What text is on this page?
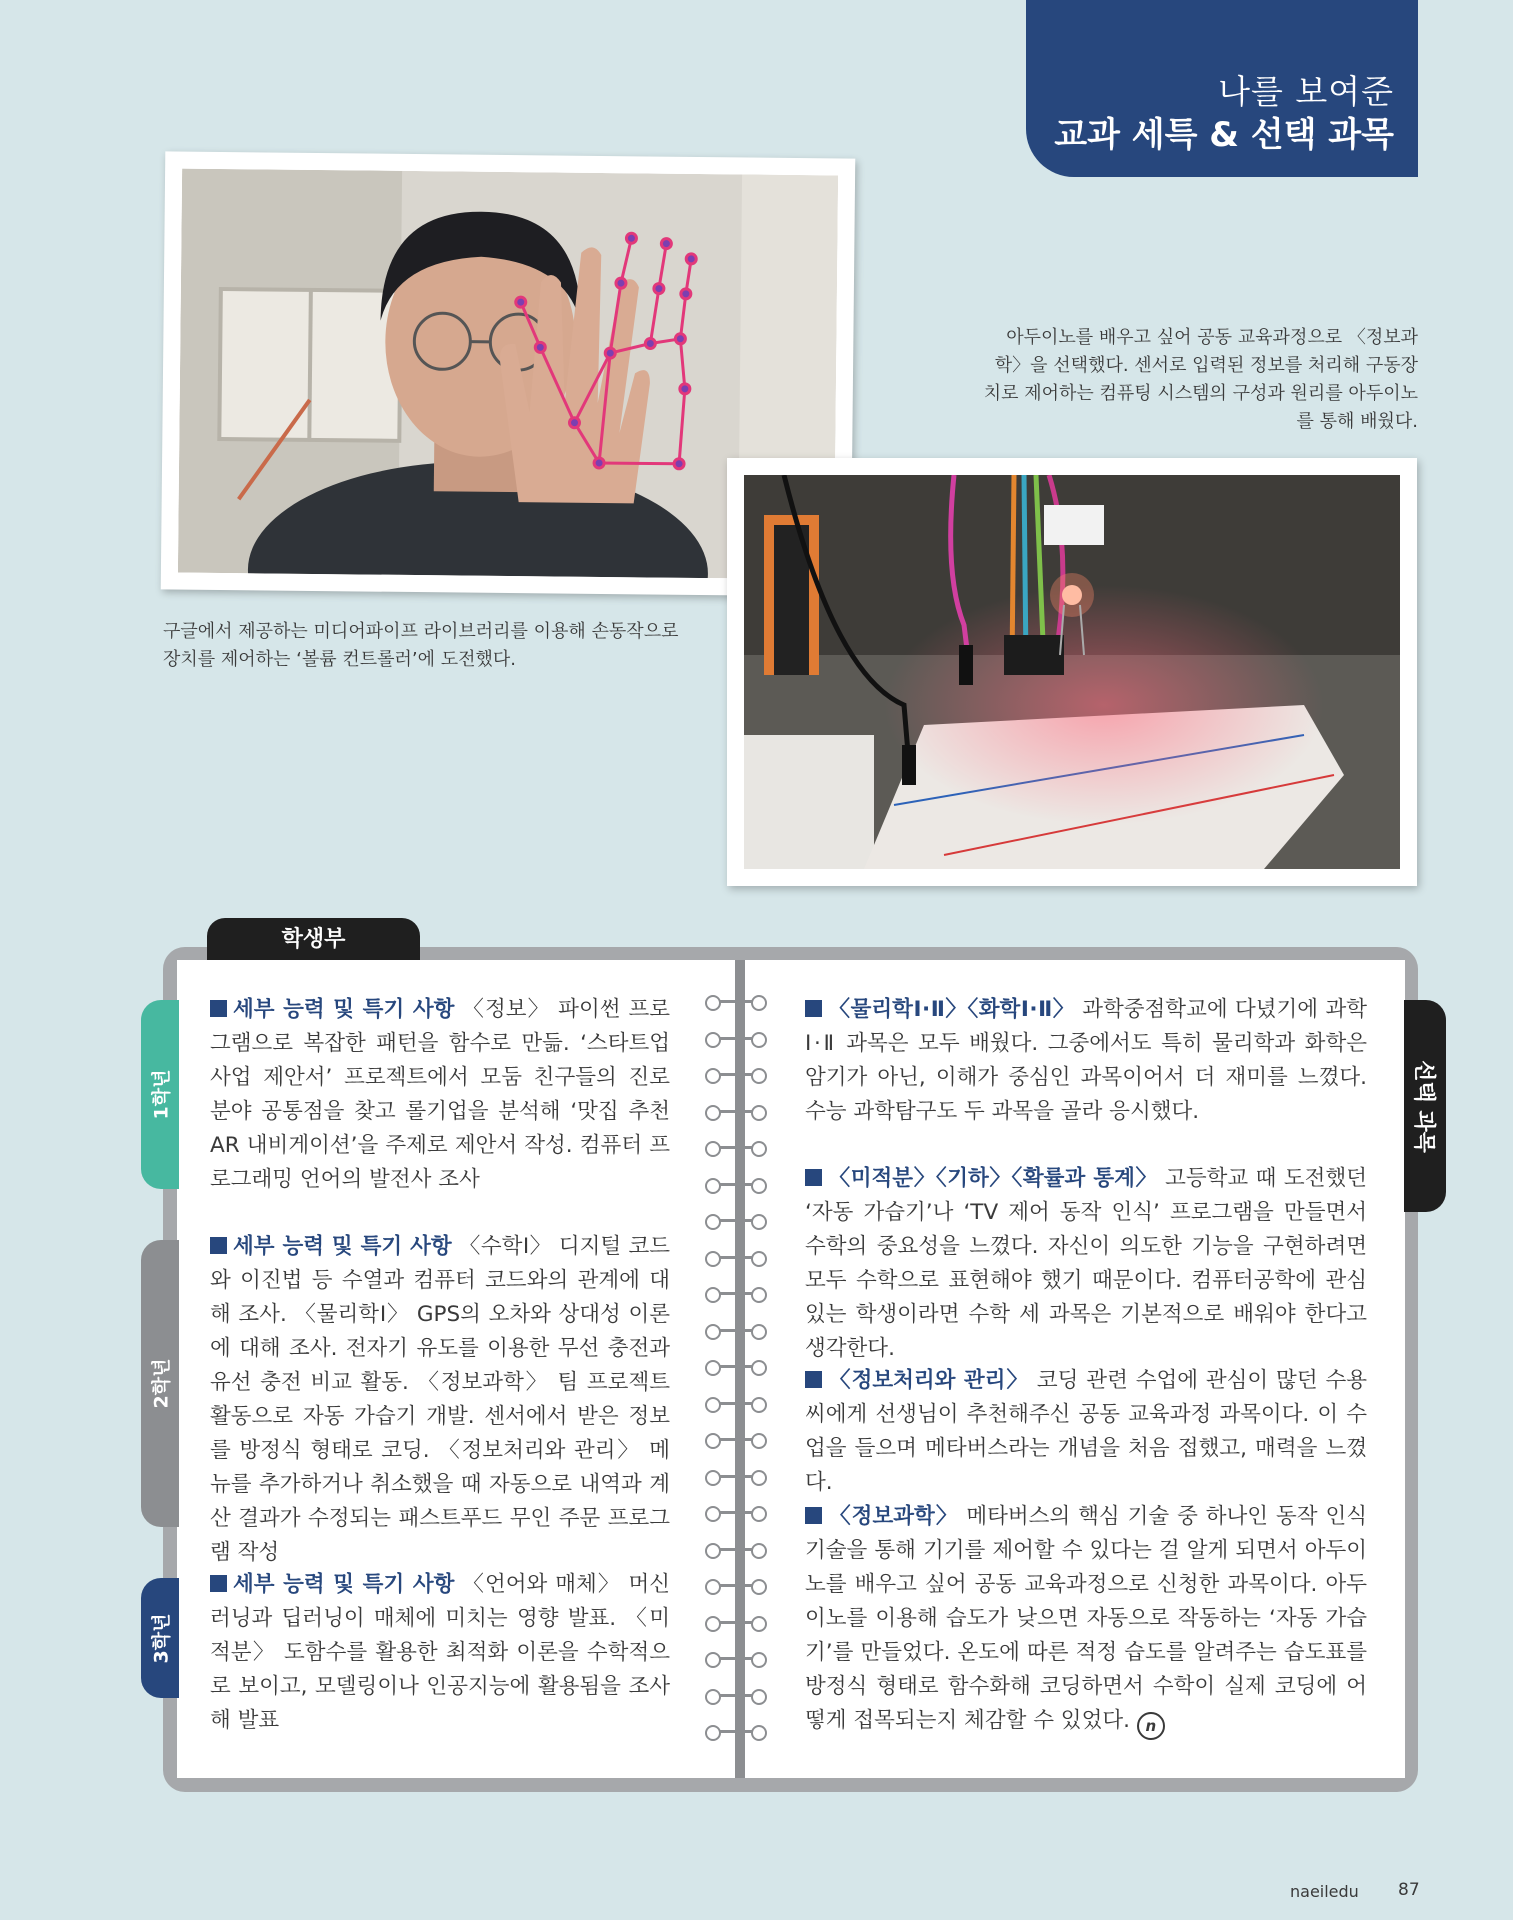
나를 보여준
교과 세특 & 선택 과목
구글에서 제공하는 미디어파이프 라이브러리를 이용해 손동작으로 장치를 제어하는 ‘볼륨 컨트롤러’에 도전했다.
아두이노를 배우고 싶어 공동 교육과정으로 〈정보과학〉을 선택했다. 센서로 입력된 정보를 처리해 구동장치로 제어하는 컴퓨팅 시스템의 구성과 원리를 아두이노를 통해 배웠다.
학생부
1학년
2학년
3학년
선택 과목
세부 능력 및 특기 사항 〈정보〉 파이썬 프로그램으로 복잡한 패턴을 함수로 만듦. ‘스타트업 사업 제안서’ 프로젝트에서 모둠 친구들의 진로 분야 공통점을 찾고 롤기업을 분석해 ‘맛집 추천 AR 내비게이션’을 주제로 제안서 작성. 컴퓨터 프로그래밍 언어의 발전사 조사
세부 능력 및 특기 사항 〈수학Ⅰ〉 디지털 코드와 이진법 등 수열과 컴퓨터 코드와의 관계에 대해 조사. 〈물리학Ⅰ〉 GPS의 오차와 상대성 이론에 대해 조사. 전자기 유도를 이용한 무선 충전과 유선 충전 비교 활동. 〈정보과학〉 팀 프로젝트 활동으로 자동 가습기 개발. 센서에서 받은 정보를 방정식 형태로 코딩. 〈정보처리와 관리〉 메뉴를 추가하거나 취소했을 때 자동으로 내역과 계산 결과가 수정되는 패스트푸드 무인 주문 프로그램 작성
세부 능력 및 특기 사항 〈언어와 매체〉 머신러닝과 딥러닝이 매체에 미치는 영향 발표. 〈미적분〉 도함수를 활용한 최적화 이론을 수학적으로 보이고, 모델링이나 인공지능에 활용됨을 조사해 발표
〈물리학Ⅰ·Ⅱ〉〈화학Ⅰ·Ⅱ〉 과학중점학교에 다녔기에 과학 Ⅰ·Ⅱ 과목은 모두 배웠다. 그중에서도 특히 물리학과 화학은 암기가 아닌, 이해가 중심인 과목이어서 더 재미를 느꼈다. 수능 과학탐구도 두 과목을 골라 응시했다.
〈미적분〉〈기하〉〈확률과 통계〉 고등학교 때 도전했던 ‘자동 가습기’나 ‘TV 제어 동작 인식’ 프로그램을 만들면서 수학의 중요성을 느꼈다. 자신이 의도한 기능을 구현하려면 모두 수학으로 표현해야 했기 때문이다. 컴퓨터공학에 관심 있는 학생이라면 수학 세 과목은 기본적으로 배워야 한다고 생각한다.
〈정보처리와 관리〉 코딩 관련 수업에 관심이 많던 수용씨에게 선생님이 추천해주신 공동 교육과정 과목이다. 이 수업을 들으며 메타버스라는 개념을 처음 접했고, 매력을 느꼈다.
〈정보과학〉 메타버스의 핵심 기술 중 하나인 동작 인식 기술을 통해 기기를 제어할 수 있다는 걸 알게 되면서 아두이노를 배우고 싶어 공동 교육과정으로 신청한 과목이다. 아두이노를 이용해 습도가 낮으면 자동으로 작동하는 ‘자동 가습기’를 만들었다. 온도에 따른 적정 습도를 알려주는 습도표를 방정식 형태로 함수화해 코딩하면서 수학이 실제 코딩에 어떻게 접목되는지 체감할 수 있었다. n
naeiledu 87
